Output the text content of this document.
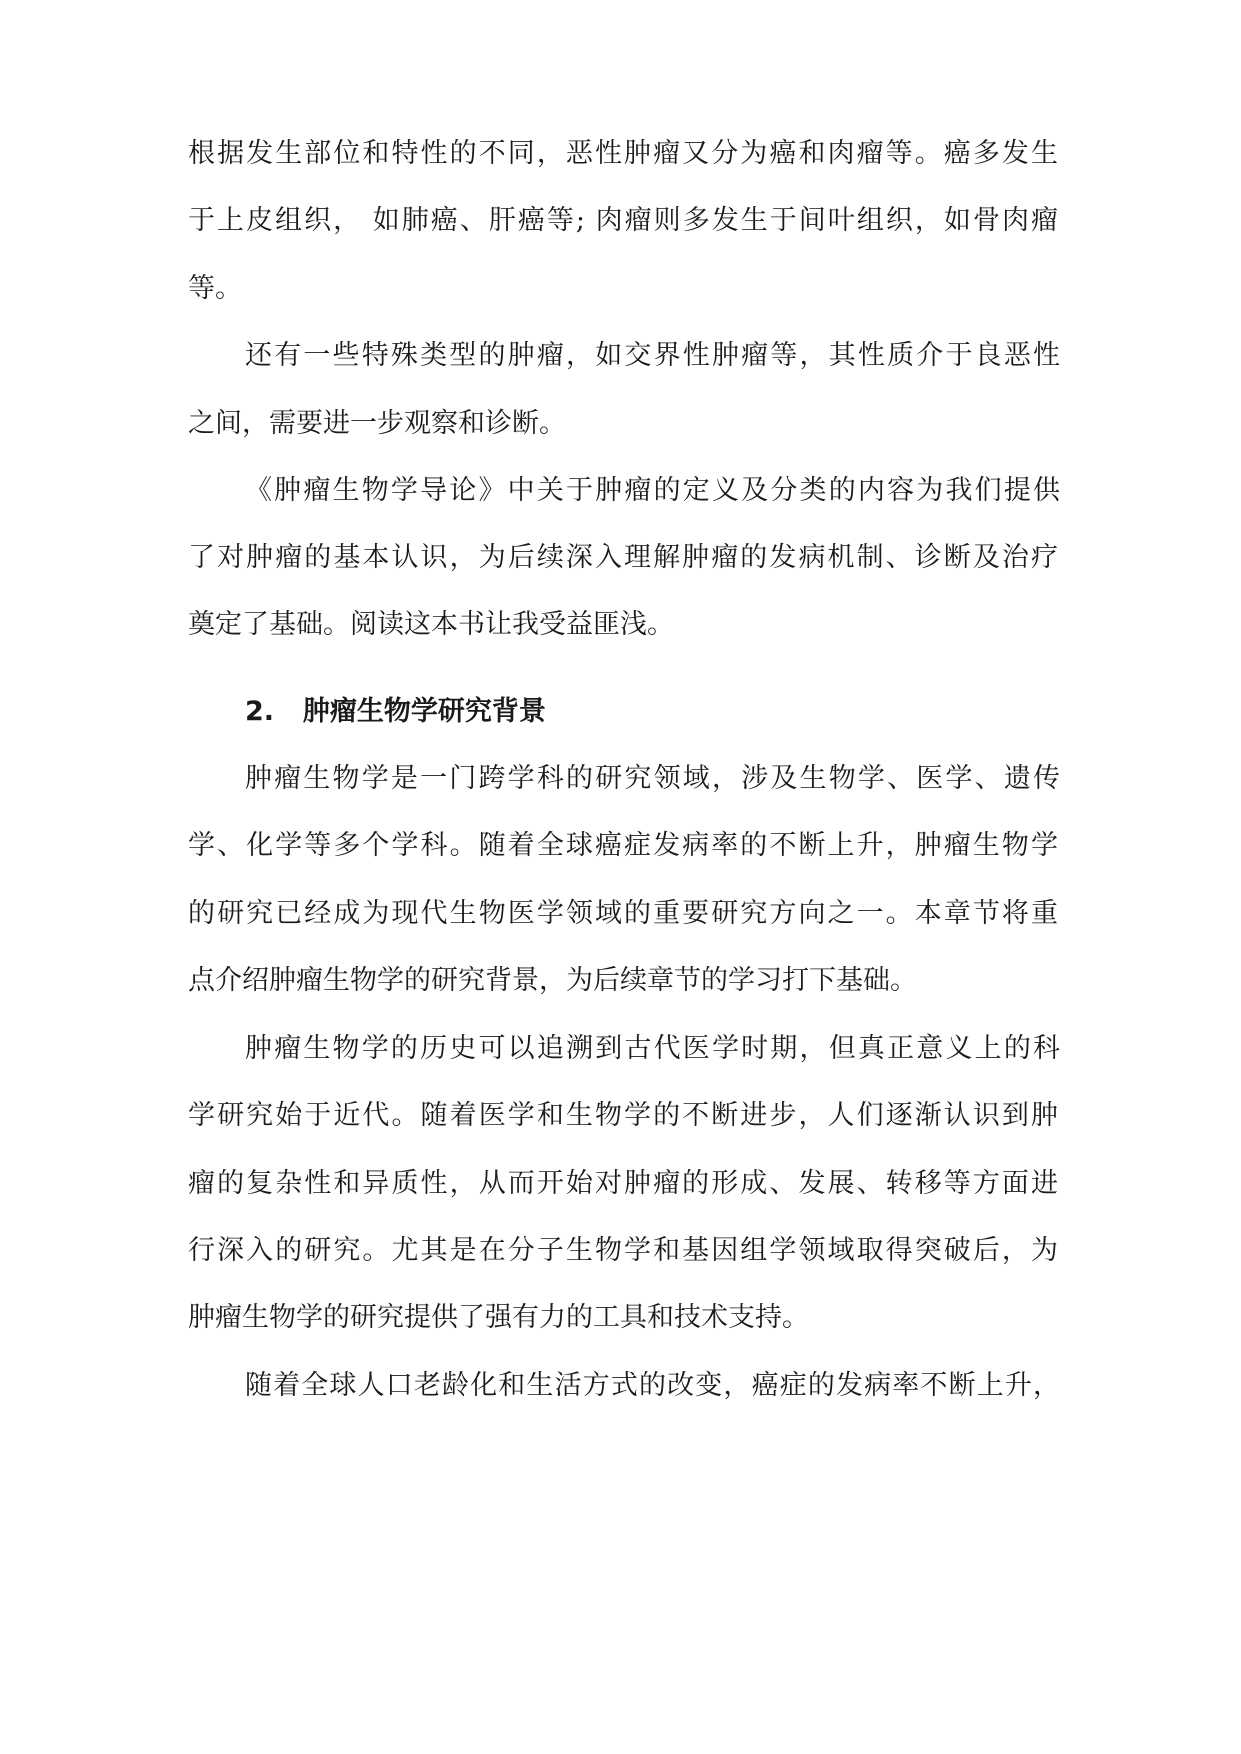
根据发生部位和特性的不同，恶性肿瘤又分为癌和肉瘤等。癌多发生
于上皮组织， 如肺癌、肝癌等; 肉瘤则多发生于间叶组织，如骨肉瘤
等。
还有一些特殊类型的肿瘤，如交界性肿瘤等，其性质介于良恶性
之间，需要进一步观察和诊断。
《肿瘤生物学导论》中关于肿瘤的定义及分类的内容为我们提供
了对肿瘤的基本认识，为后续深入理解肿瘤的发病机制、诊断及治疗
奠定了基础。阅读这本书让我受益匪浅。
2. 肿瘤生物学研究背景
肿瘤生物学是一门跨学科的研究领域，涉及生物学、医学、遗传
学、化学等多个学科。随着全球癌症发病率的不断上升，肿瘤生物学
的研究已经成为现代生物医学领域的重要研究方向之一。本章节将重
点介绍肿瘤生物学的研究背景，为后续章节的学习打下基础。
肿瘤生物学的历史可以追溯到古代医学时期，但真正意义上的科
学研究始于近代。随着医学和生物学的不断进步，人们逐渐认识到肿
瘤的复杂性和异质性，从而开始对肿瘤的形成、发展、转移等方面进
行深入的研究。尤其是在分子生物学和基因组学领域取得突破后，为
肿瘤生物学的研究提供了强有力的工具和技术支持。
随着全球人口老龄化和生活方式的改变，癌症的发病率不断上升，
